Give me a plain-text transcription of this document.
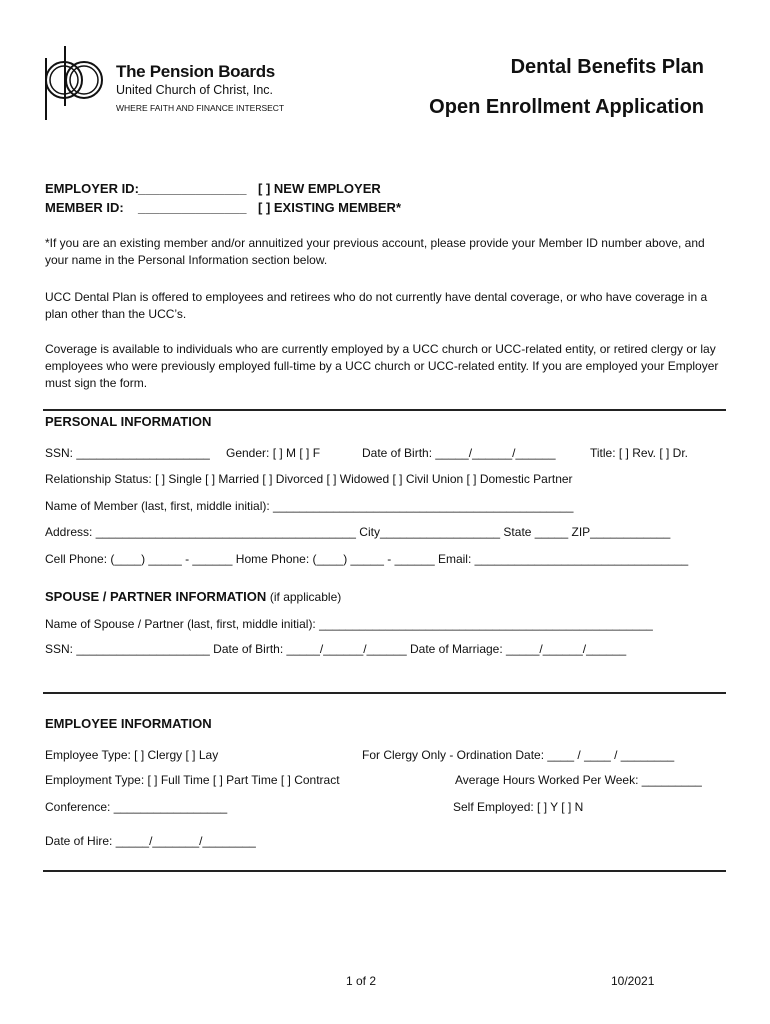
The Pension Boards
United Church of Christ, Inc.
WHERE FAITH AND FINANCE INTERSECT
Dental Benefits Plan
Open Enrollment Application
EMPLOYER ID: _______________ [ ] NEW EMPLOYER
MEMBER ID: _______________ [ ] EXISTING MEMBER*
*If you are an existing member and/or annuitized your previous account, please provide your Member ID number above, and your name in the Personal Information section below.
UCC Dental Plan is offered to employees and retirees who do not currently have dental coverage, or who have coverage in a plan other than the UCC’s.
Coverage is available to individuals who are currently employed by a UCC church or UCC-related entity, or retired clergy or lay employees who were previously employed full-time by a UCC church or UCC-related entity. If you are employed your Employer must sign the form.
PERSONAL INFORMATION
SSN: ____________________ Gender: [ ] M [ ] F	Date of Birth: _____/______/______	Title: [ ] Rev. [ ] Dr.
Relationship Status: [ ] Single [ ] Married [ ] Divorced [ ] Widowed [ ] Civil Union [ ] Domestic Partner
Name of Member (last, first, middle initial): _____________________________________________
Address: _______________________________________ City__________________ State _____ ZIP____________
Cell Phone: (____) _____ - ______ Home Phone: (____) _____ - ______ Email: ________________________________
SPOUSE / PARTNER INFORMATION (if applicable)
Name of Spouse / Partner (last, first, middle initial): __________________________________________________
SSN: ____________________ Date of Birth: _____/______/______ Date of Marriage: _____/______/______
EMPLOYEE INFORMATION
Employee Type: [ ] Clergy [ ] Lay	For Clergy Only - Ordination Date: ____ / ____ / ________
Employment Type: [ ] Full Time [ ] Part Time [ ] Contract	Average Hours Worked Per Week: _________
Conference: _________________	Self Employed: [ ] Y [ ] N
Date of Hire: _____/_______/________
1 of 2	10/2021
